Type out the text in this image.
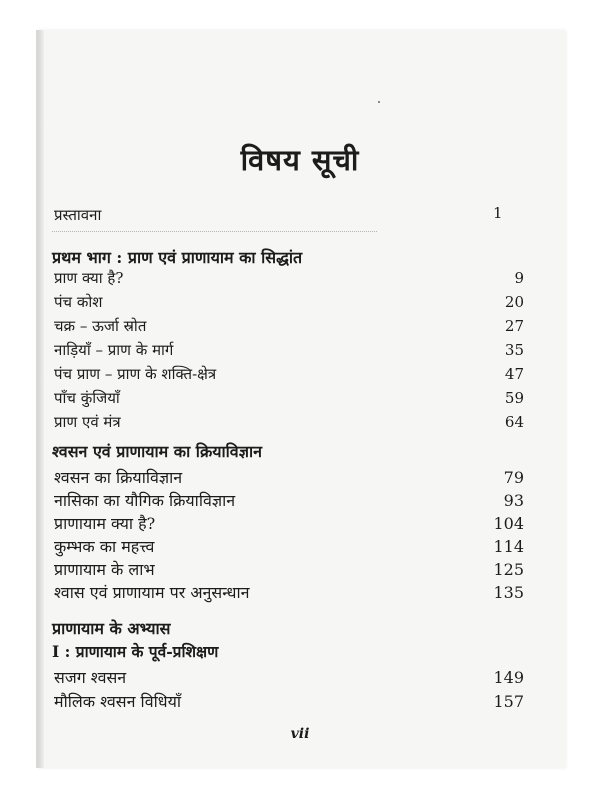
विषय सूची
प्रस्तावना	1
प्रथम भाग : प्राण एवं प्राणायाम का सिद्धांत
प्राण क्या है?	9
पंच कोश	20
चक्र – ऊर्जा स्रोत	27
नाड़ियाँ – प्राण के मार्ग	35
पंच प्राण – प्राण के शक्ति-क्षेत्र	47
पाँच कुंजियाँ	59
प्राण एवं मंत्र	64
श्वसन एवं प्राणायाम का क्रियाविज्ञान
श्वसन का क्रियाविज्ञान	79
नासिका का यौगिक क्रियाविज्ञान	93
प्राणायाम क्या है?	104
कुम्भक का महत्त्व	114
प्राणायाम के लाभ	125
श्वास एवं प्राणायाम पर अनुसन्धान	135
प्राणायाम के अभ्यास
I : प्राणायाम के पूर्व-प्रशिक्षण
सजग श्वसन	149
मौलिक श्वसन विधियाँ	157
vii
